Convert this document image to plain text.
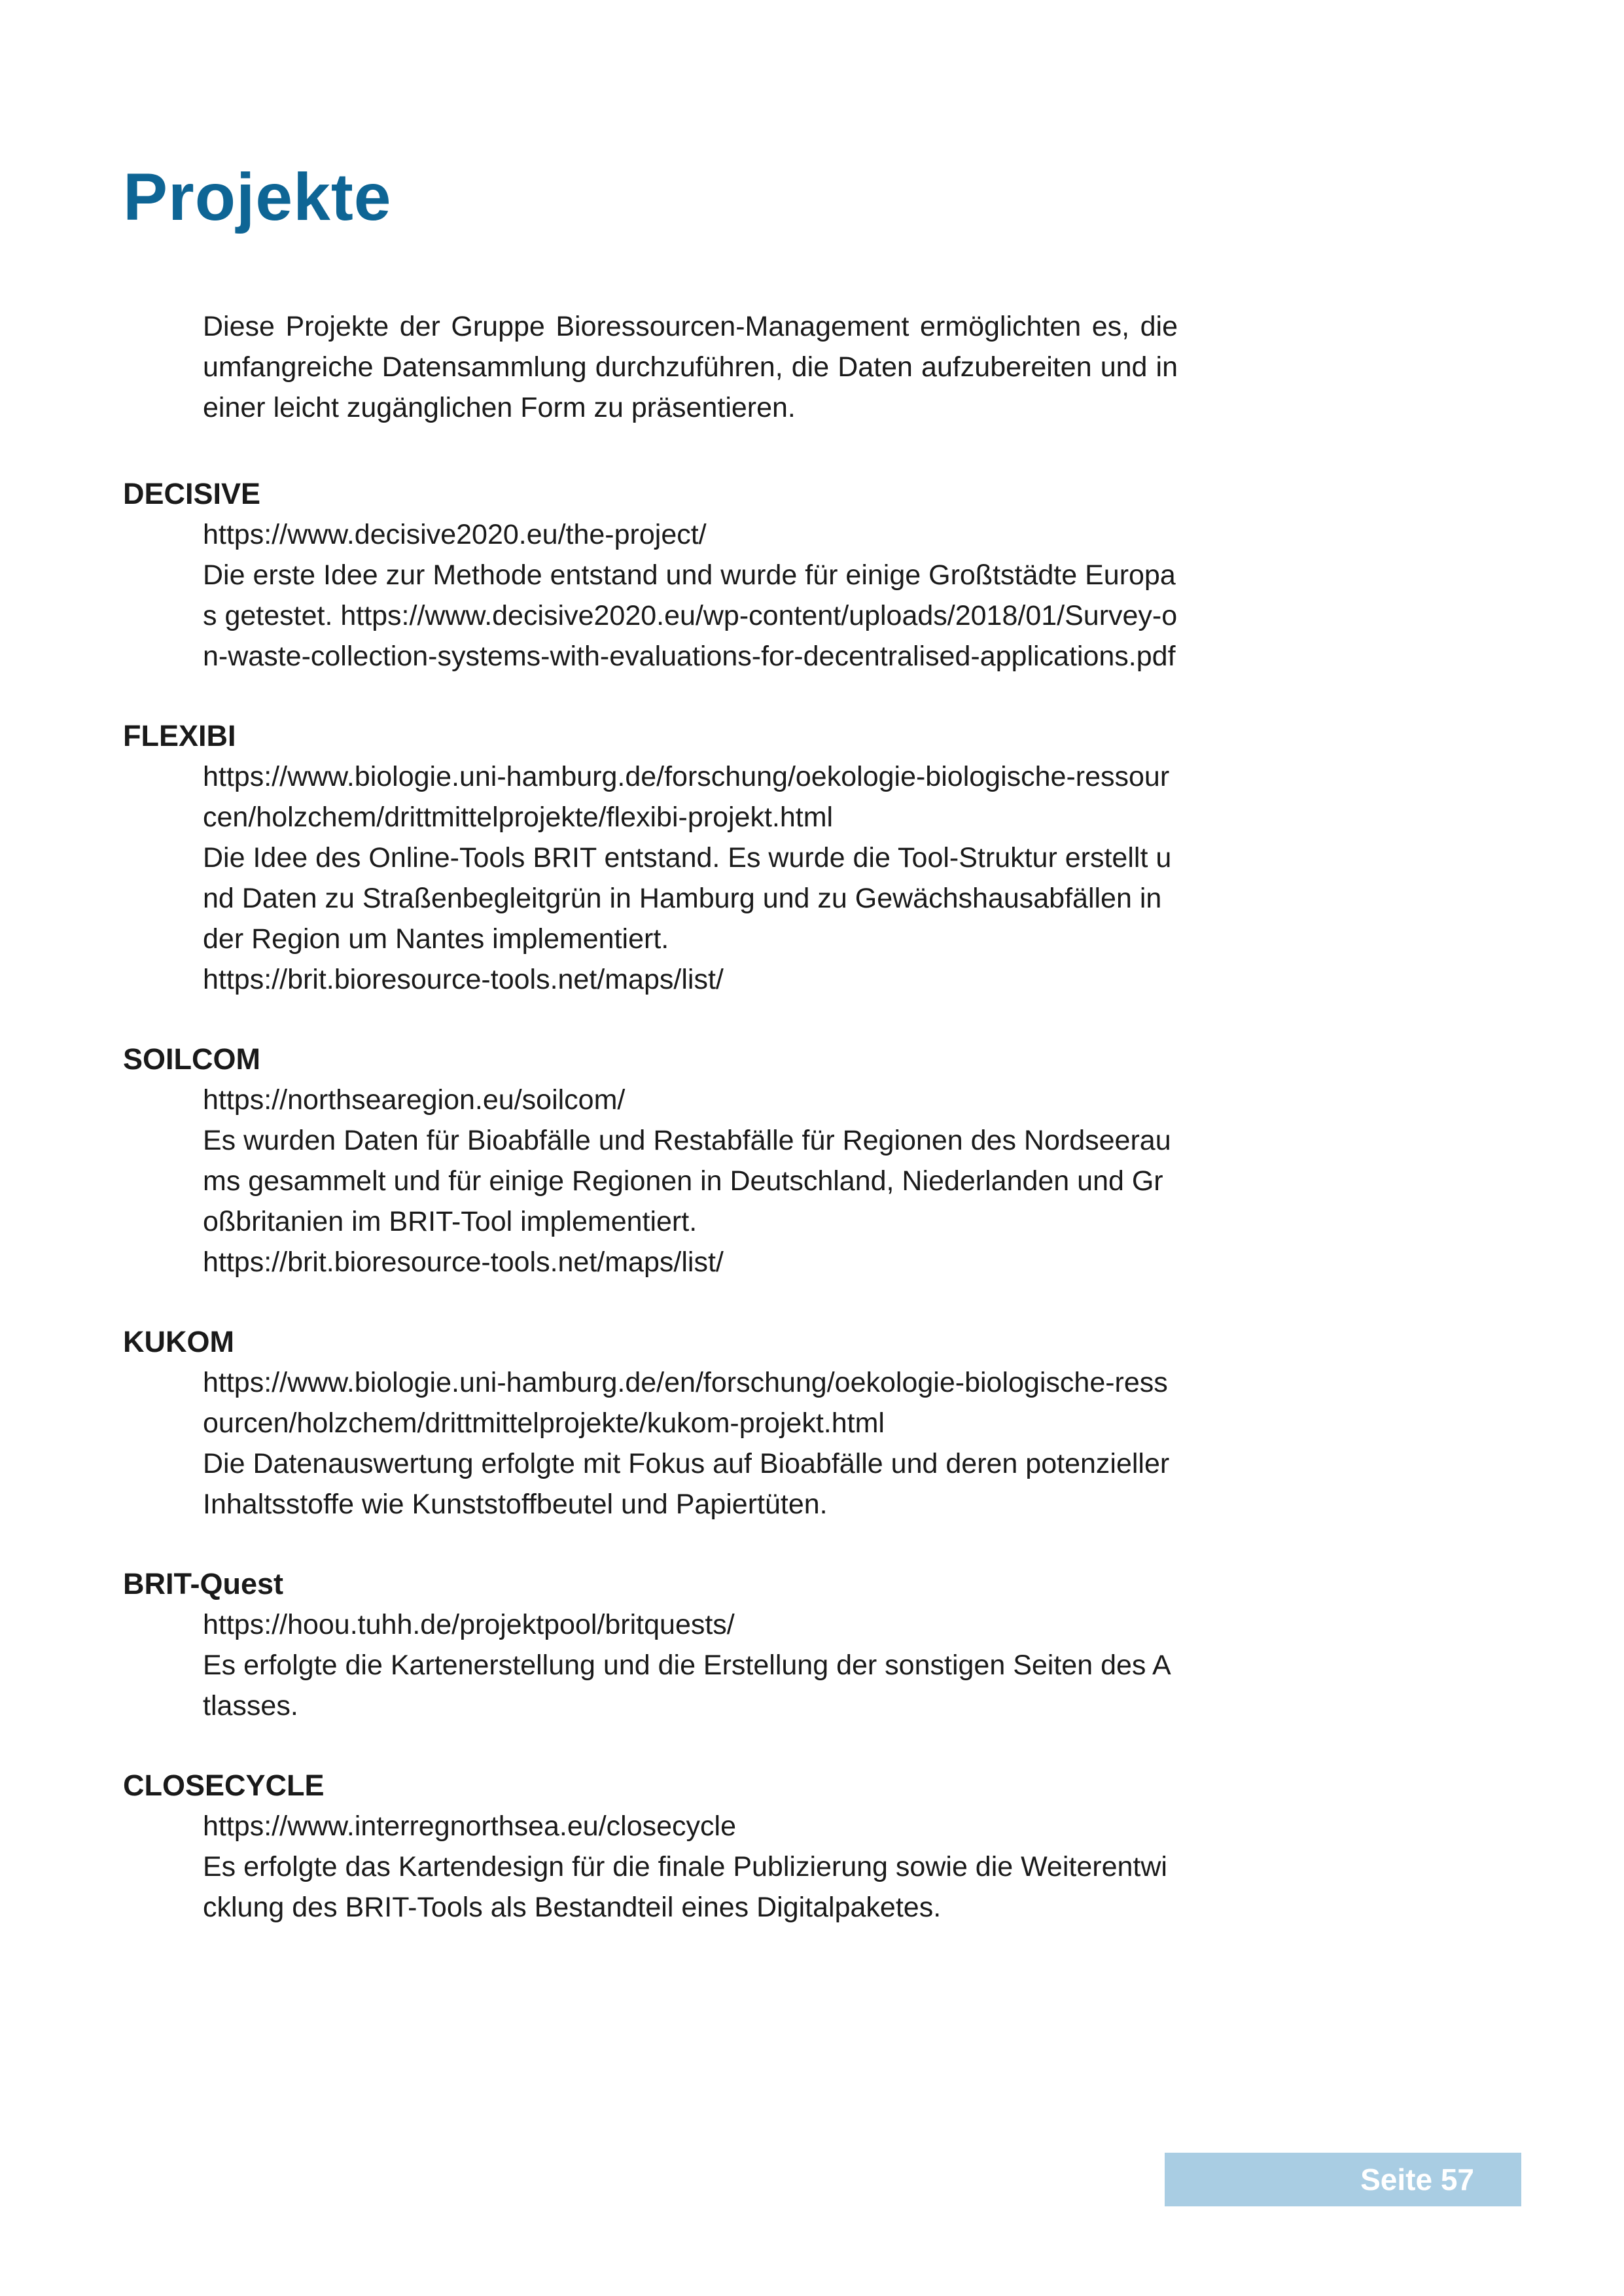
Projekte

Diese Projekte der Gruppe Bioressourcen-Management ermöglichten es, die umfangreiche Datensammlung durchzuführen, die Daten aufzubereiten und in einer leicht zugänglichen Form zu präsentieren.

DECISIVE

https://www.decisive2020.eu/the-project/

Die erste Idee zur Methode entstand und wurde für einige Großtstädte Europas getestet. https://www.decisive2020.eu/wp-content/uploads/2018/01/Survey-on-waste-collection-systems-with-evaluations-for-decentralised-applications.pdf

FLEXIBI

https://www.biologie.uni-hamburg.de/forschung/oekologie-biologische-ressourcen/holzchem/drittmittelprojekte/flexibi-projekt.html

Die Idee des Online-Tools BRIT entstand. Es wurde die Tool-Struktur erstellt und Daten zu Straßenbegleitgrün in Hamburg und zu Gewächshausabfällen in der Region um Nantes implementiert.

https://brit.bioresource-tools.net/maps/list/

SOILCOM

https://northsearegion.eu/soilcom/

Es wurden Daten für Bioabfälle und Restabfälle für Regionen des Nordseeraums gesammelt und für einige Regionen in Deutschland, Niederlanden und Großbritanien im BRIT-Tool implementiert.

https://brit.bioresource-tools.net/maps/list/

KUKOM

https://www.biologie.uni-hamburg.de/en/forschung/oekologie-biologische-ressourcen/holzchem/drittmittelprojekte/kukom-projekt.html

Die Datenauswertung erfolgte mit Fokus auf Bioabfälle und deren potenzieller Inhaltsstoffe wie Kunststoffbeutel und Papiertüten.

BRIT-Quest

https://hoou.tuhh.de/projektpool/britquests/

Es erfolgte die Kartenerstellung und die Erstellung der sonstigen Seiten des Atlasses.

CLOSECYCLE

https://www.interregnorthsea.eu/closecycle

Es erfolgte das Kartendesign für die finale Publizierung sowie die Weiterentwicklung des BRIT-Tools als Bestandteil eines Digitalpaketes.

Seite 57
